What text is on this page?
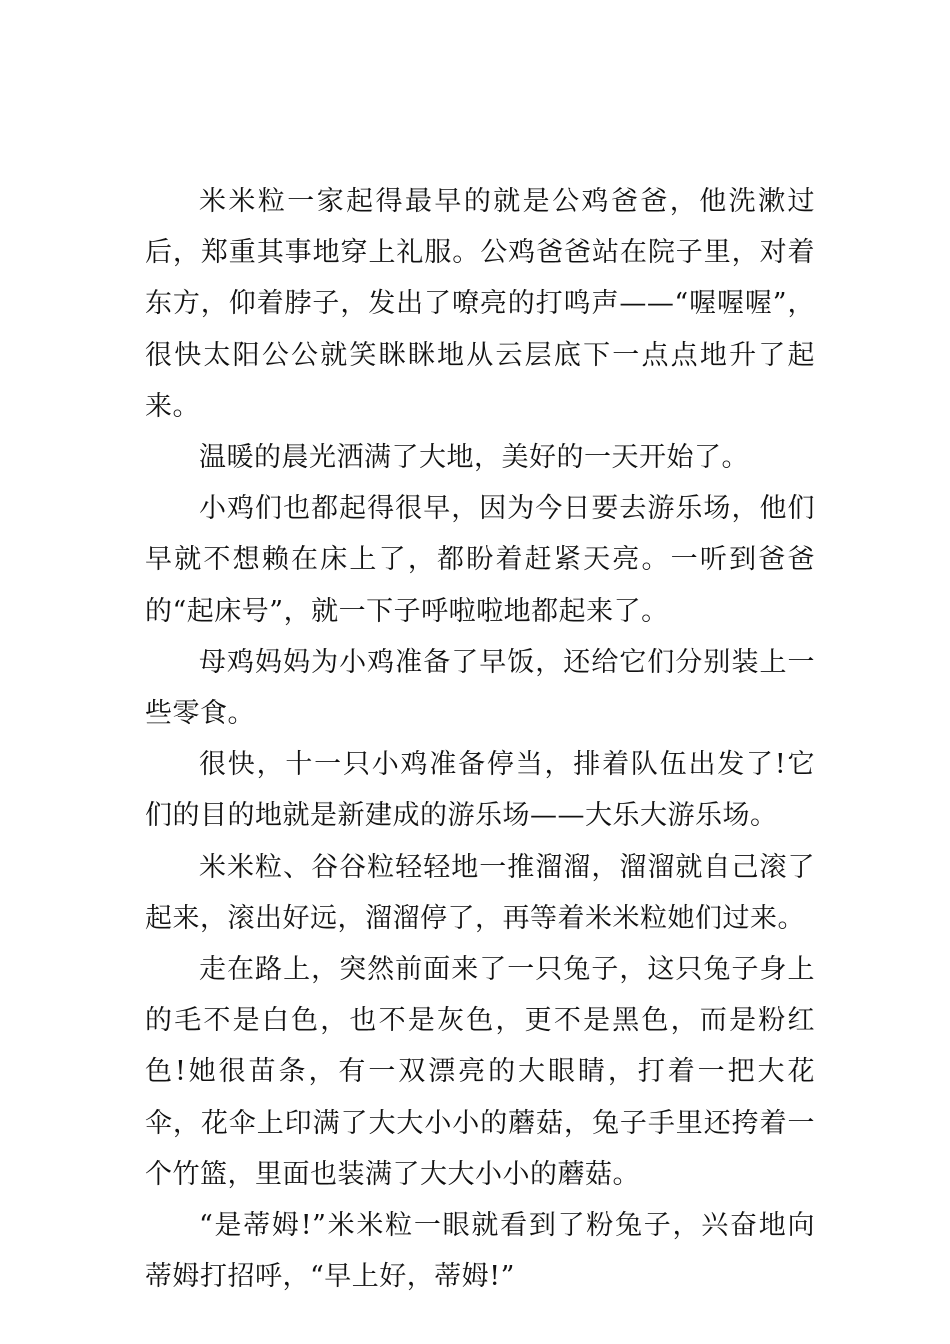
米米粒一家起得最早的就是公鸡爸爸，他洗漱过后，郑重其事地穿上礼服。公鸡爸爸站在院子里，对着东方，仰着脖子，发出了嘹亮的打鸣声——“喔喔喔”，很快太阳公公就笑眯眯地从云层底下一点点地升了起来。

温暖的晨光洒满了大地，美好的一天开始了。

小鸡们也都起得很早，因为今日要去游乐场，他们早就不想赖在床上了，都盼着赶紧天亮。一听到爸爸的“起床号”，就一下子呼啦啦地都起来了。

母鸡妈妈为小鸡准备了早饭，还给它们分别装上一些零食。

很快，十一只小鸡准备停当，排着队伍出发了!它们的目的地就是新建成的游乐场——大乐大游乐场。

米米粒、谷谷粒轻轻地一推溜溜，溜溜就自己滚了起来，滚出好远，溜溜停了，再等着米米粒她们过来。

走在路上，突然前面来了一只兔子，这只兔子身上的毛不是白色，也不是灰色，更不是黑色，而是粉红色!她很苗条，有一双漂亮的大眼睛，打着一把大花伞，花伞上印满了大大小小的蘑菇，兔子手里还挎着一个竹篮，里面也装满了大大小小的蘑菇。

“是蒂姆!”米米粒一眼就看到了粉兔子，兴奋地向蒂姆打招呼，“早上好，蒂姆!”
